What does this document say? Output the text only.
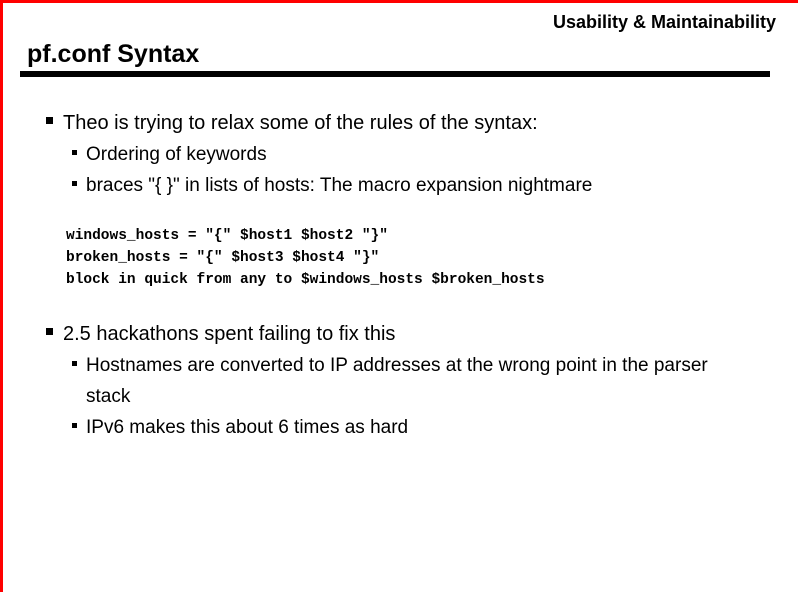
Usability & Maintainability
pf.conf Syntax
Theo is trying to relax some of the rules of the syntax:
Ordering of keywords
braces "{ }" in lists of hosts: The macro expansion nightmare
windows_hosts = "{" $host1 $host2 "}"
broken_hosts = "{" $host3 $host4 "}"
block in quick from any to $windows_hosts $broken_hosts
2.5 hackathons spent failing to fix this
Hostnames are converted to IP addresses at the wrong point in the parser stack
IPv6 makes this about 6 times as hard
